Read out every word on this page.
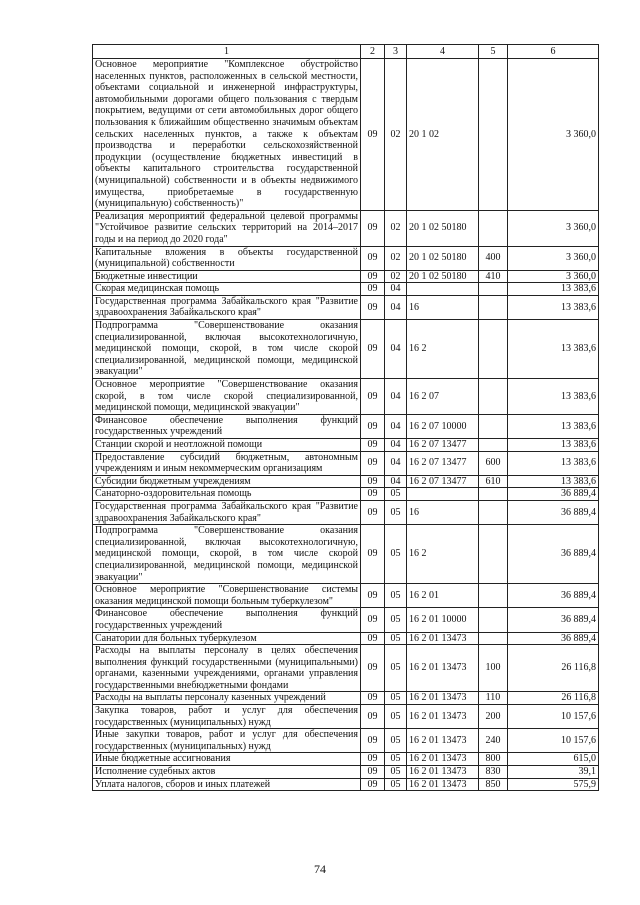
1	2	3	4	5	6
Основное мероприятие "Комплексное обустройство населенных пунктов, расположенных в сельской местности, объектами социальной и инженерной инфраструктуры, автомобильными дорогами общего пользования с твердым покрытием, ведущими от сети автомобильных дорог общего пользования к ближайшим общественно значимым объектам сельских населенных пунктов, а также к объектам производства и переработки сельскохозяйственной продукции (осуществление бюджетных инвестиций в объекты капитального строительства государственной (муниципальной) собственности и в объекты недвижимого имущества, приобретаемые в государственную (муниципальную) собственность)"	09	02	20 1 02		3 360,0
Реализация мероприятий федеральной целевой программы "Устойчивое развитие сельских территорий на 2014–2017 годы и на период до 2020 года"	09	02	20 1 02 50180		3 360,0
Капитальные вложения в объекты государственной (муниципальной) собственности	09	02	20 1 02 50180	400	3 360,0
Бюджетные инвестиции	09	02	20 1 02 50180	410	3 360,0
Скорая медицинская помощь	09	04			13 383,6
Государственная программа Забайкальского края "Развитие здравоохранения Забайкальского края"	09	04	16		13 383,6
Подпрограмма "Совершенствование оказания специализированной, включая высокотехнологичную, медицинской помощи, скорой, в том числе скорой специализированной, медицинской помощи, медицинской эвакуации"	09	04	16 2		13 383,6
Основное мероприятие "Совершенствование оказания скорой, в том числе скорой специализированной, медицинской помощи, медицинской эвакуации"	09	04	16 2 07		13 383,6
Финансовое обеспечение выполнения функций государственных учреждений	09	04	16 2 07 10000		13 383,6
Станции скорой и неотложной помощи	09	04	16 2 07 13477		13 383,6
Предоставление субсидий бюджетным, автономным учреждениям и иным некоммерческим организациям	09	04	16 2 07 13477	600	13 383,6
Субсидии бюджетным учреждениям	09	04	16 2 07 13477	610	13 383,6
Санаторно-оздоровительная помощь	09	05			36 889,4
Государственная программа Забайкальского края "Развитие здравоохранения Забайкальского края"	09	05	16		36 889,4
Подпрограмма "Совершенствование оказания специализированной, включая высокотехнологичную, медицинской помощи, скорой, в том числе скорой специализированной, медицинской помощи, медицинской эвакуации"	09	05	16 2		36 889,4
Основное мероприятие "Совершенствование системы оказания медицинской помощи больным туберкулезом"	09	05	16 2 01		36 889,4
Финансовое обеспечение выполнения функций государственных учреждений	09	05	16 2 01 10000		36 889,4
Санатории для больных туберкулезом	09	05	16 2 01 13473		36 889,4
Расходы на выплаты персоналу в целях обеспечения выполнения функций государственными (муниципальными) органами, казенными учреждениями, органами управления государственными внебюджетными фондами	09	05	16 2 01 13473	100	26 116,8
Расходы на выплаты персоналу казенных учреждений	09	05	16 2 01 13473	110	26 116,8
Закупка товаров, работ и услуг для обеспечения государственных (муниципальных) нужд	09	05	16 2 01 13473	200	10 157,6
Иные закупки товаров, работ и услуг для обеспечения государственных (муниципальных) нужд	09	05	16 2 01 13473	240	10 157,6
Иные бюджетные ассигнования	09	05	16 2 01 13473	800	615,0
Исполнение судебных актов	09	05	16 2 01 13473	830	39,1
Уплата налогов, сборов и иных платежей	09	05	16 2 01 13473	850	575,9
74
